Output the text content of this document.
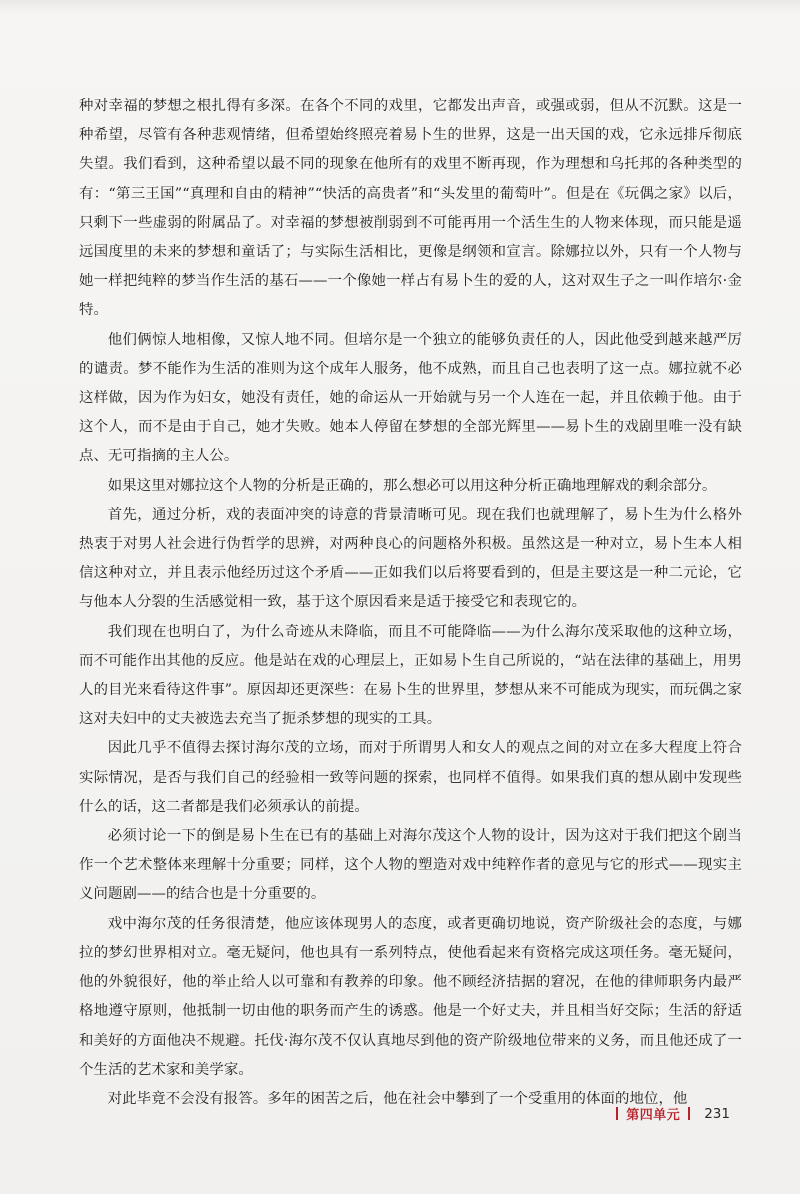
种对幸福的梦想之根扎得有多深。在各个不同的戏里，它都发出声音，或强或弱，但从不沉默。这是一种希望，尽管有各种悲观情绪，但希望始终照亮着易卜生的世界，这是一出天国的戏，它永远排斥彻底失望。我们看到，这种希望以最不同的现象在他所有的戏里不断再现，作为理想和乌托邦的各种类型的有：“第三王国”“真理和自由的精神”“快活的高贵者”和“头发里的葡萄叶”。但是在《玩偶之家》以后，只剩下一些虚弱的附属品了。对幸福的梦想被削弱到不可能再用一个活生生的人物来体现，而只能是遥远国度里的未来的梦想和童话了；与实际生活相比，更像是纲领和宣言。除娜拉以外，只有一个人物与她一样把纯粹的梦当作生活的基石——一个像她一样占有易卜生的爱的人，这对双生子之一叫作培尔·金特。

他们俩惊人地相像，又惊人地不同。但培尔是一个独立的能够负责任的人，因此他受到越来越严厉的谴责。梦不能作为生活的准则为这个成年人服务，他不成熟，而且自己也表明了这一点。娜拉就不必这样做，因为作为妇女，她没有责任，她的命运从一开始就与另一个人连在一起，并且依赖于他。由于这个人，而不是由于自己，她才失败。她本人停留在梦想的全部光辉里——易卜生的戏剧里唯一没有缺点、无可指摘的主人公。

如果这里对娜拉这个人物的分析是正确的，那么想必可以用这种分析正确地理解戏的剩余部分。

首先，通过分析，戏的表面冲突的诗意的背景清晰可见。现在我们也就理解了，易卜生为什么格外热衷于对男人社会进行伪哲学的思辨，对两种良心的问题格外积极。虽然这是一种对立，易卜生本人相信这种对立，并且表示他经历过这个矛盾——正如我们以后将要看到的，但是主要这是一种二元论，它与他本人分裂的生活感觉相一致，基于这个原因看来是适于接受它和表现它的。

我们现在也明白了，为什么奇迹从未降临，而且不可能降临——为什么海尔茂采取他的这种立场，而不可能作出其他的反应。他是站在戏的心理层上，正如易卜生自己所说的，“站在法律的基础上，用男人的目光来看待这件事”。原因却还更深些：在易卜生的世界里，梦想从来不可能成为现实，而玩偶之家这对夫妇中的丈夫被选去充当了扼杀梦想的现实的工具。

因此几乎不值得去探讨海尔茂的立场，而对于所谓男人和女人的观点之间的对立在多大程度上符合实际情况，是否与我们自己的经验相一致等问题的探索，也同样不值得。如果我们真的想从剧中发现些什么的话，这二者都是我们必须承认的前提。

必须讨论一下的倒是易卜生在已有的基础上对海尔茂这个人物的设计，因为这对于我们把这个剧当作一个艺术整体来理解十分重要；同样，这个人物的塑造对戏中纯粹作者的意见与它的形式——现实主义问题剧——的结合也是十分重要的。

戏中海尔茂的任务很清楚，他应该体现男人的态度，或者更确切地说，资产阶级社会的态度，与娜拉的梦幻世界相对立。毫无疑问，他也具有一系列特点，使他看起来有资格完成这项任务。毫无疑问，他的外貌很好，他的举止给人以可靠和有教养的印象。他不顾经济拮据的窘况，在他的律师职务内最严格地遵守原则，他抵制一切由他的职务而产生的诱惑。他是一个好丈夫，并且相当好交际；生活的舒适和美好的方面他决不规避。托伐·海尔茂不仅认真地尽到他的资产阶级地位带来的义务，而且他还成了一个生活的艺术家和美学家。

对此毕竟不会没有报答。多年的困苦之后，他在社会中攀到了一个受重用的体面的地位，他

第四单元 231
